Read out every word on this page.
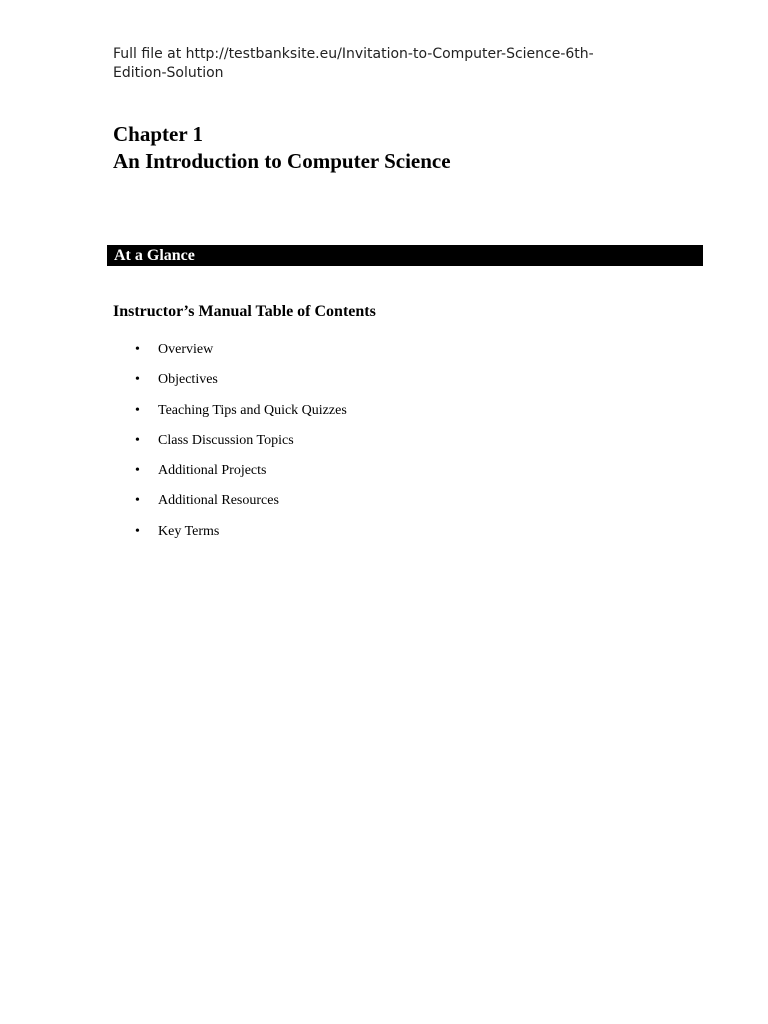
Full file at http://testbanksite.eu/Invitation-to-Computer-Science-6th-
Edition-Solution
Chapter 1
An Introduction to Computer Science
At a Glance
Instructor’s Manual Table of Contents
• Overview
• Objectives
• Teaching Tips and Quick Quizzes
• Class Discussion Topics
• Additional Projects
• Additional Resources
• Key Terms
